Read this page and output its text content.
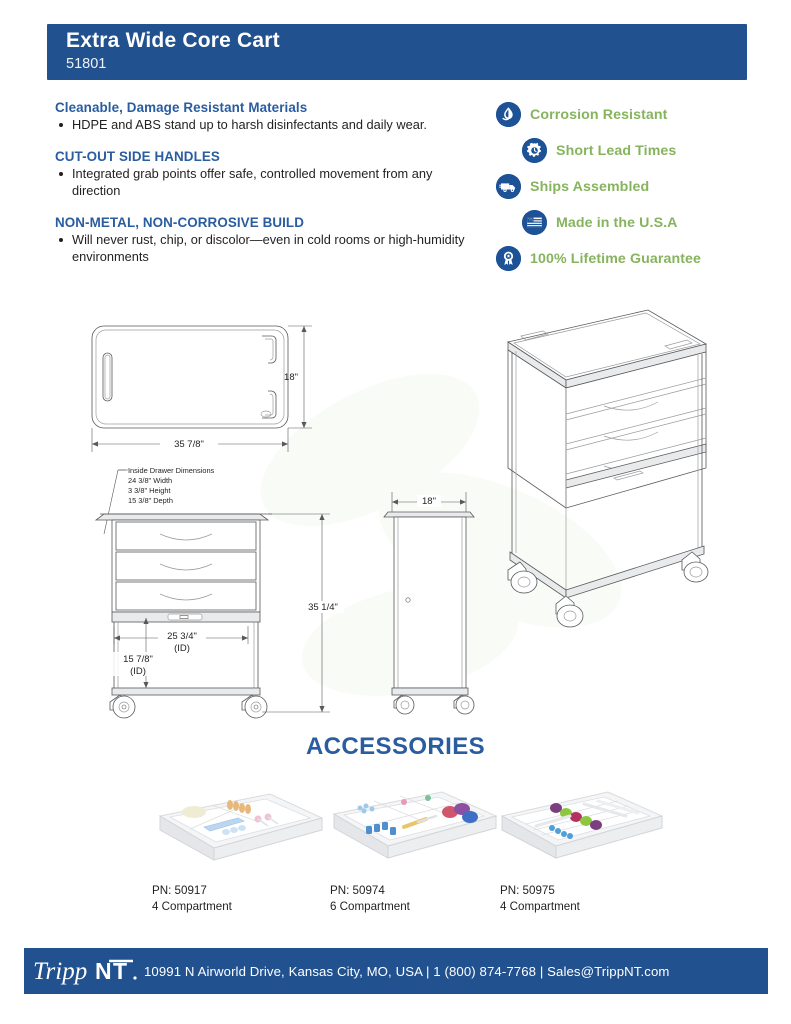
Extra Wide Core Cart
51801
Cleanable, Damage Resistant Materials
HDPE and ABS stand up to harsh disinfectants and daily wear.
CUT-OUT SIDE HANDLES
Integrated grab points offer safe, controlled movement from any direction
NON-METAL, NON-CORROSIVE BUILD
Will never rust, chip, or discolor—even in cold rooms or high-humidity environments
Corrosion Resistant
Short Lead Times
Ships Assembled
Made in the U.S.A
100% Lifetime Guarantee
18"
35 7/8"
Inside Drawer Dimensions
24 3/8" Width
3 3/8" Height
15 3/8" Depth
25 3/4"
(ID)
15 7/8"
(ID)
35 1/4"
18"
ACCESSORIES
PN: 50917
4 Compartment
PN: 50974
6 Compartment
PN: 50975
4 Compartment
Tripp N T 10991 N Airworld Drive, Kansas City, MO, USA | 1 (800) 874-7768 | Sales@TrippNT.com
